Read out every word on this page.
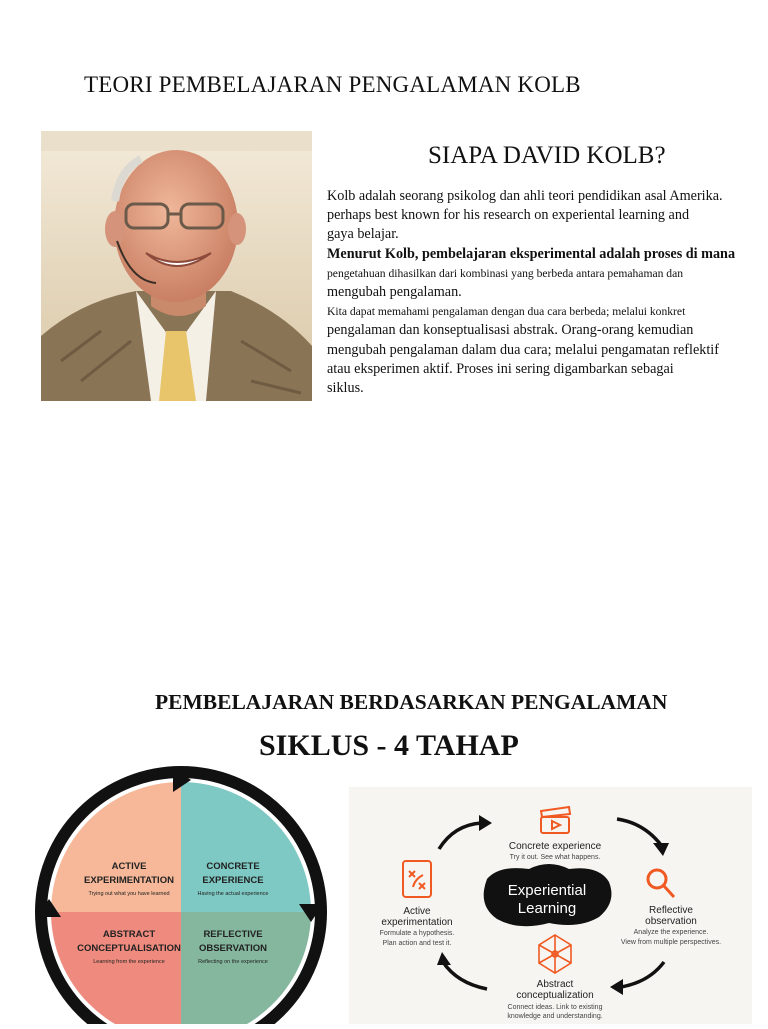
TEORI PEMBELAJARAN PENGALAMAN KOLB
SIAPA DAVID KOLB?
Kolb adalah seorang psikolog dan ahli teori pendidikan asal Amerika.
perhaps best known for his research on experiental learning and
gaya belajar.
Menurut Kolb, pembelajaran eksperimental adalah proses di mana
pengetahuan dihasilkan dari kombinasi yang berbeda antara pemahaman dan
mengubah pengalaman.
Kita dapat memahami pengalaman dengan dua cara berbeda; melalui konkret
pengalaman dan konseptualisasi abstrak. Orang-orang kemudian
mengubah pengalaman dalam dua cara; melalui pengamatan reflektif
atau eksperimen aktif. Proses ini sering digambarkan sebagai
siklus.
PEMBELAJARAN BERDASARKAN PENGALAMAN
SIKLUS - 4 TAHAP
ACTIVE
EXPERIMENTATION
Trying out what you have learned
CONCRETE
EXPERIENCE
Having the actual experience
ABSTRACT
CONCEPTUALISATION
Learning from the experience
REFLECTIVE
OBSERVATION
Reflecting on the experience
Experiential
Learning
Concrete experience
Try it out. See what happens.
Reflective
observation
Analyze the experience.
View from multiple perspectives.
Active
experimentation
Formulate a hypothesis.
Plan action and test it.
Abstract
conceptualization
Connect ideas. Link to existing
knowledge and understanding.
